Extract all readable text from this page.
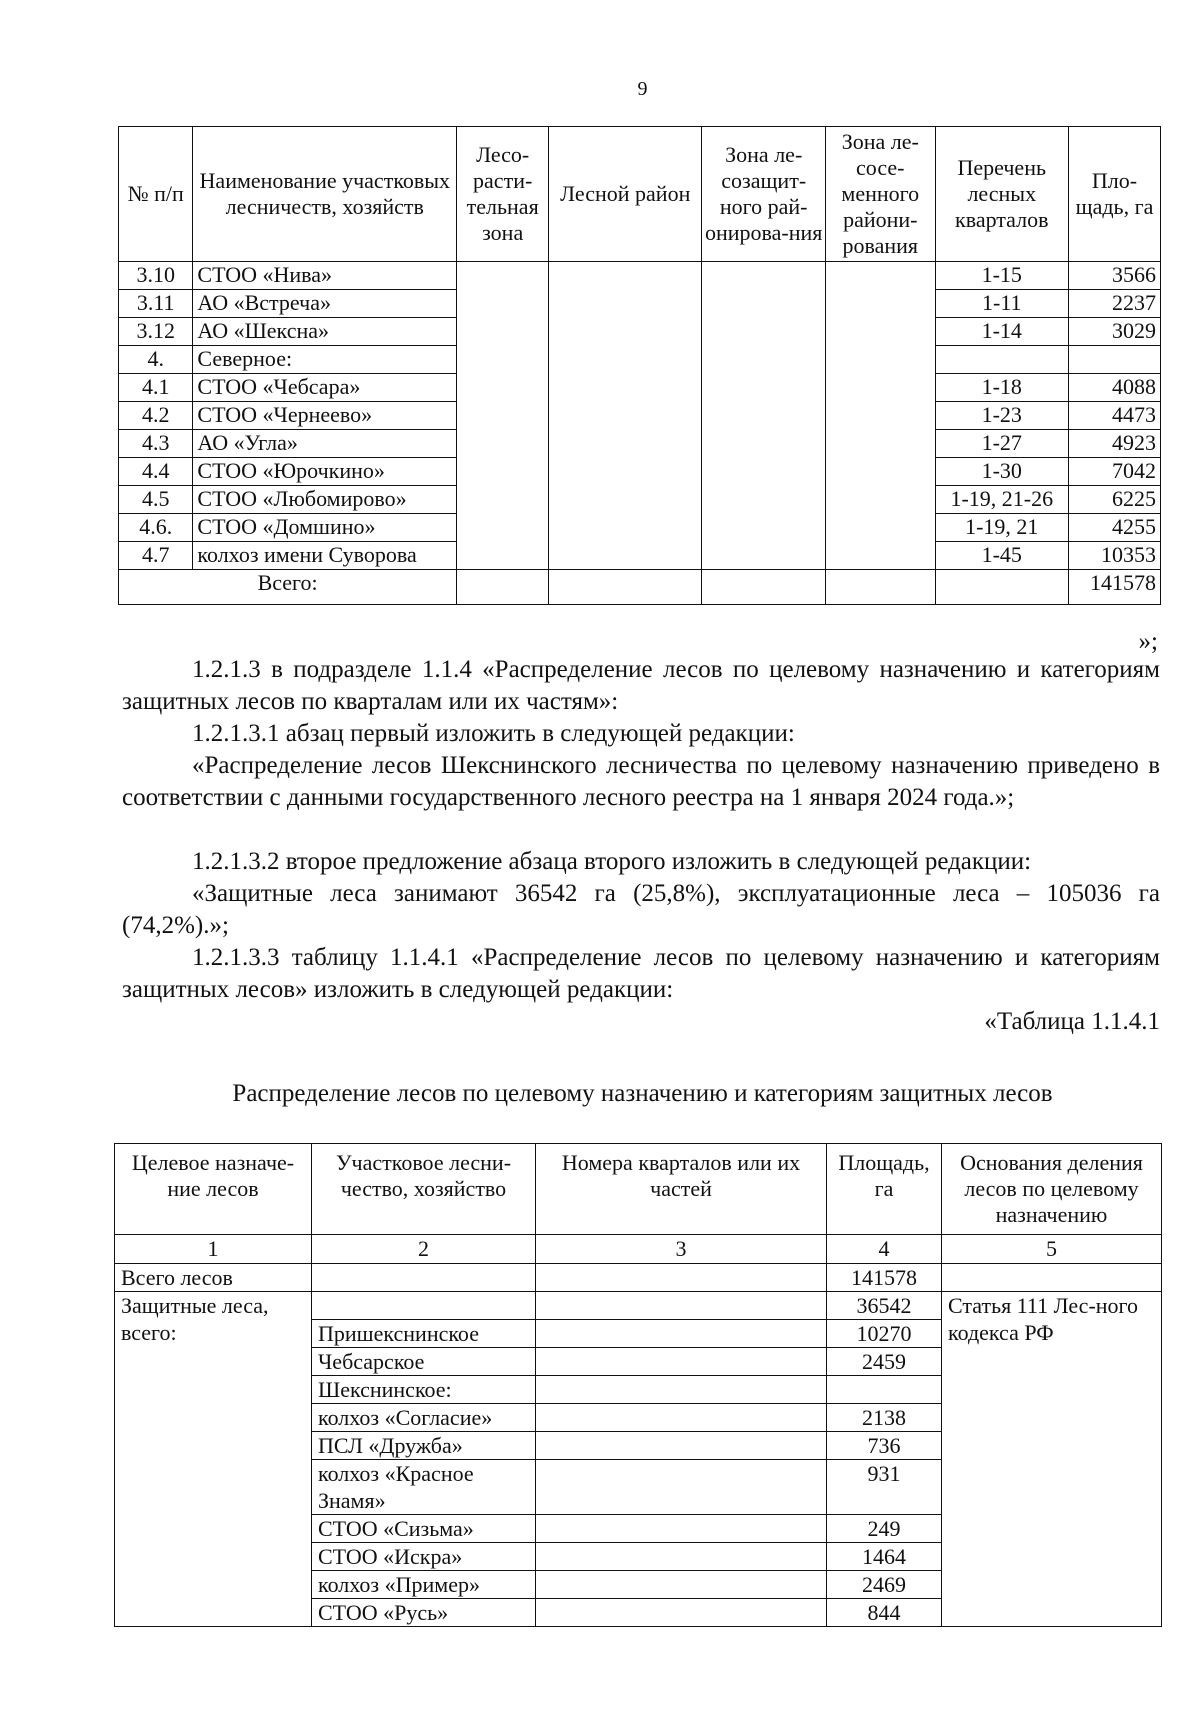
9
№ п/п	Наименование участковых лесничеств, хозяйств	Лесо-расти-тельная зона	Лесной район	Зона ле-созащит-ного рай-онирова-ния	Зона ле-сосе-менного райони-рования	Перечень лесных кварталов	Пло-щадь, га
3.10	СТОО «Нива»					1-15	3566
3.11	АО «Встреча»					1-11	2237
3.12	АО «Шексна»					1-14	3029
4.	Северное:						
4.1	СТОО «Чебсара»					1-18	4088
4.2	СТОО «Чернеево»					1-23	4473
4.3	АО «Угла»					1-27	4923
4.4	СТОО «Юрочкино»					1-30	7042
4.5	СТОО «Любомирово»					1-19, 21-26	6225
4.6.	СТОО «Домшино»					1-19, 21	4255
4.7	колхоз имени Суворова					1-45	10353
Всего:							141578
»;

1.2.1.3 в подразделе 1.1.4 «Распределение лесов по целевому назначению и категориям защитных лесов по кварталам или их частям»:

1.2.1.3.1 абзац первый изложить в следующей редакции:

«Распределение лесов Шекснинского лесничества по целевому назначению приведено в соответствии с данными государственного лесного реестра на 1 января 2024 года.»;

1.2.1.3.2 второе предложение абзаца второго изложить в следующей редакции:

«Защитные леса занимают 36542 га (25,8%), эксплуатационные леса – 105036 га (74,2%).»;

1.2.1.3.3 таблицу 1.1.4.1 «Распределение лесов по целевому назначению и категориям защитных лесов» изложить в следующей редакции:

«Таблица 1.1.4.1

Распределение лесов по целевому назначению и категориям защитных лесов
Целевое назначе-ние лесов	Участковое лесни-чество, хозяйство	Номера кварталов или их частей	Площадь, га	Основания деления лесов по целевому назначению
1	2	3	4	5
Всего лесов			141578	
Защитные леса, всего:			36542	Статья 111 Лес-ного кодекса РФ
	Пришекснинское		10270	
	Чебсарское		2459	
	Шекснинское:			
	колхоз «Согласие»		2138	
	ПСЛ «Дружба»		736	
	колхоз «Красное Знамя»		931	
	СТОО «Сизьма»		249	
	СТОО «Искра»		1464	
	колхоз «Пример»		2469	
	СТОО «Русь»		844	
